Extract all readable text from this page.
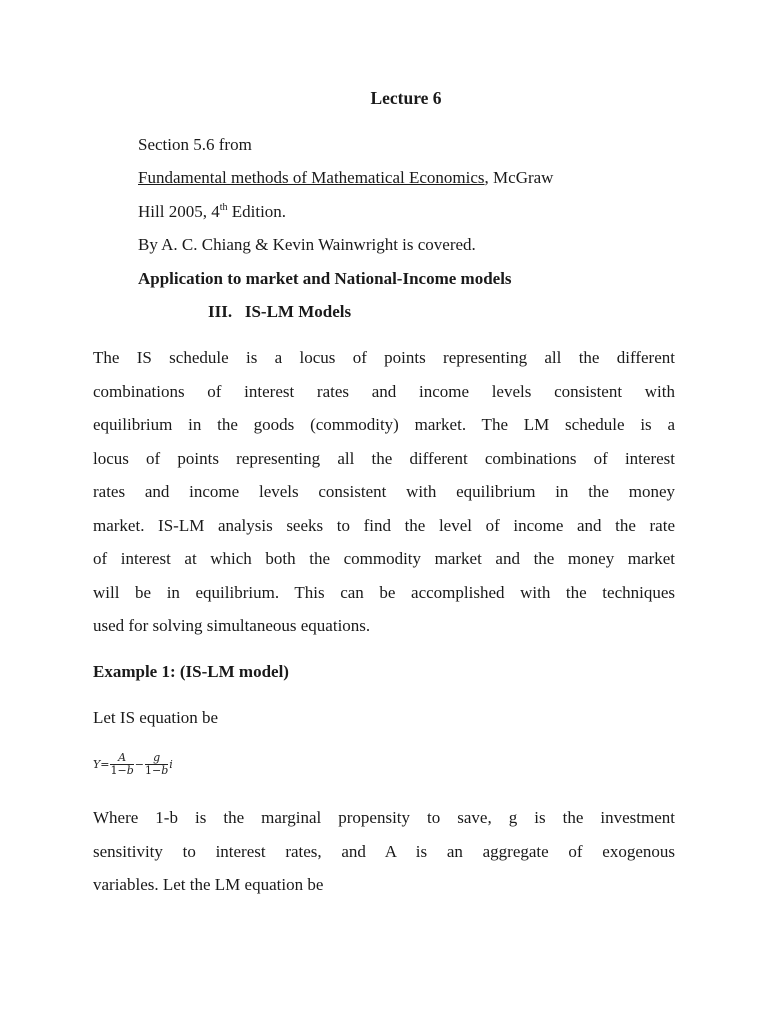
Lecture 6
Section 5.6 from
Fundamental methods of Mathematical Economics, McGraw
Hill 2005, 4th Edition.
By A. C. Chiang & Kevin Wainwright is covered.
Application to market and National-Income models
III. IS-LM Models
The IS schedule is a locus of points representing all the different
combinations of interest rates and income levels consistent with
equilibrium in the goods (commodity) market. The LM schedule is a
locus of points representing all the different combinations of interest
rates and income levels consistent with equilibrium in the money
market. IS-LM analysis seeks to find the level of income and the rate
of interest at which both the commodity market and the money market
will be in equilibrium. This can be accomplished with the techniques
used for solving simultaneous equations.
Example 1: (IS-LM model)
Let IS equation be
$Y= \frac{A}{1-b} - \frac{g}{1-b}$ i
Where 1-b is the marginal propensity to save, g is the investment
sensitivity to interest rates, and A is an aggregate of exogenous
variables. Let the LM equation be
